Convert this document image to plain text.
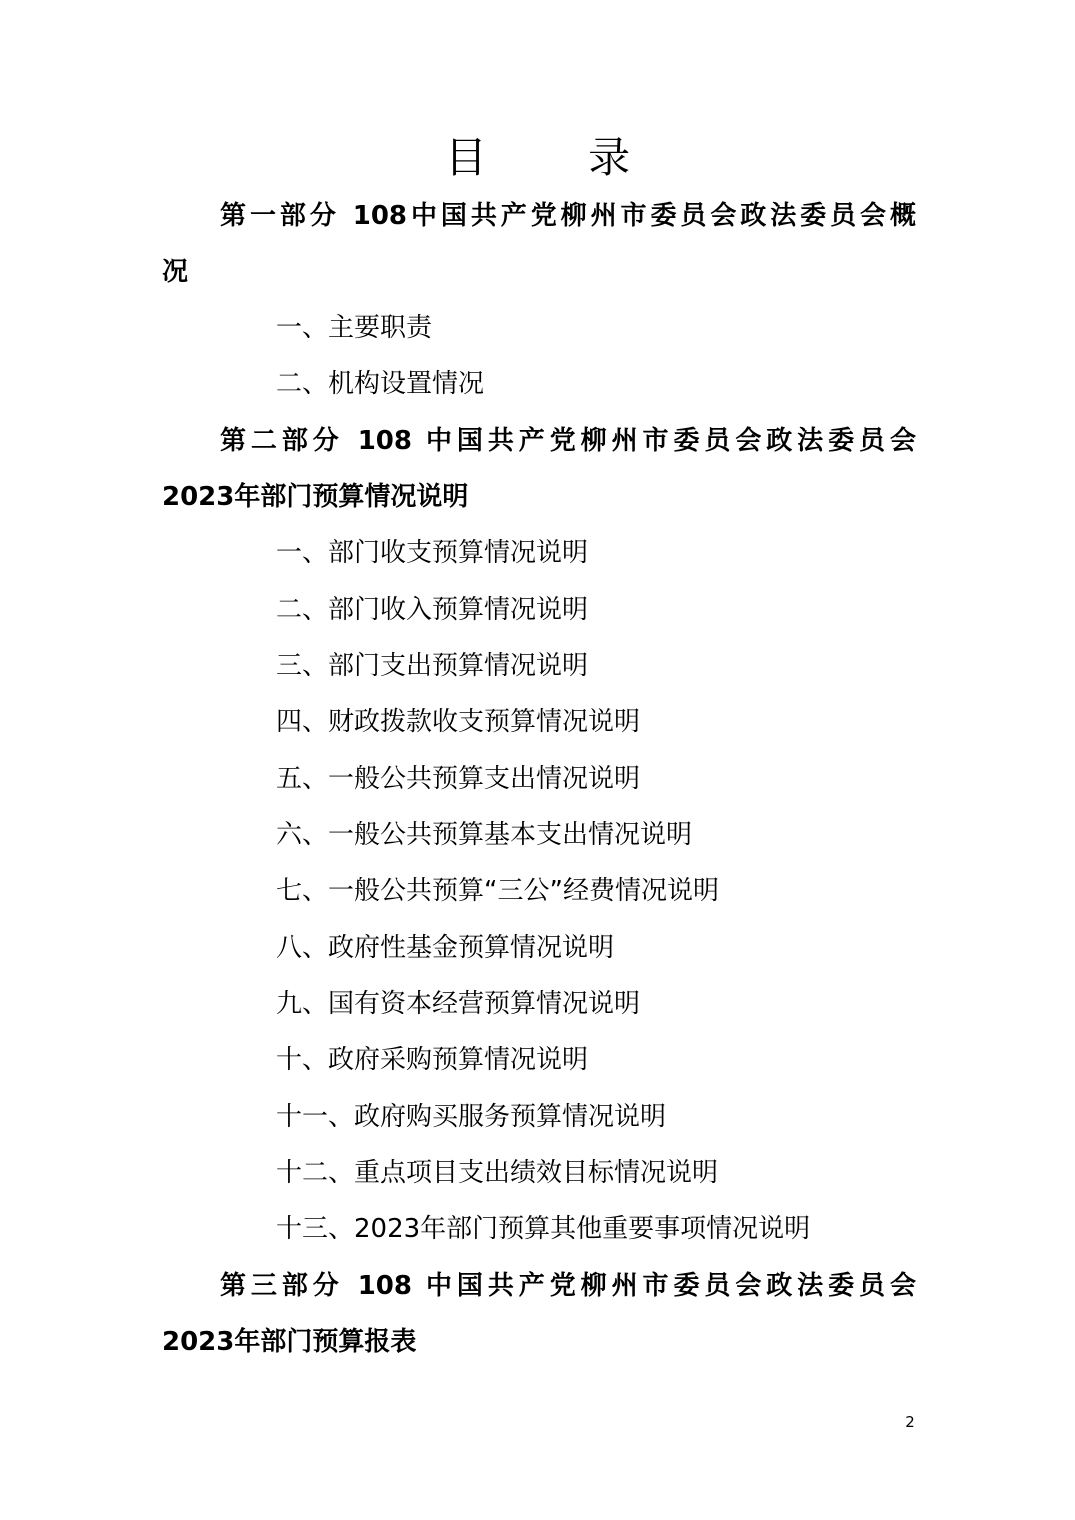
目 录
第一部分 108中国共产党柳州市委员会政法委员会概
况
一、主要职责
二、机构设置情况
第二部分 108 中国共产党柳州市委员会政法委员会
2023年部门预算情况说明
一、部门收支预算情况说明
二、部门收入预算情况说明
三、部门支出预算情况说明
四、财政拨款收支预算情况说明
五、一般公共预算支出情况说明
六、一般公共预算基本支出情况说明
七、一般公共预算“三公”经费情况说明
八、政府性基金预算情况说明
九、国有资本经营预算情况说明
十、政府采购预算情况说明
十一、政府购买服务预算情况说明
十二、重点项目支出绩效目标情况说明
十三、2023年部门预算其他重要事项情况说明
第三部分 108 中国共产党柳州市委员会政法委员会
2023年部门预算报表
2
